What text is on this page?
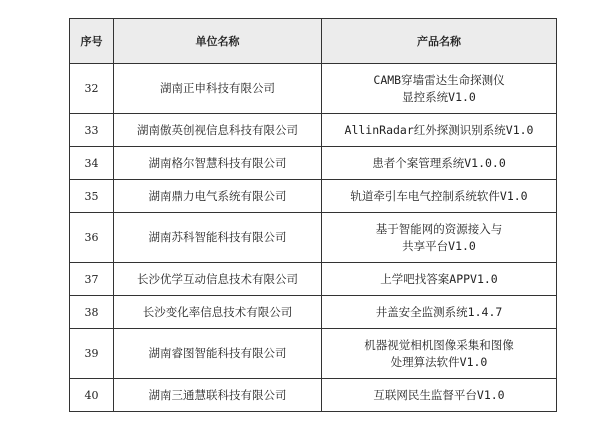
序号	单位名称	产品名称
32	湖南正申科技有限公司	CAMB穿墙雷达生命探测仪
显控系统V1.0

33	湖南傲英创视信息科技有限公司	AllinRadar红外探测识别系统V1.0

34	湖南格尔智慧科技有限公司	患者个案管理系统V1.0.0

35	湖南鼎力电气系统有限公司	轨道牵引车电气控制系统软件V1.0

36	湖南苏科智能科技有限公司	基于智能网的资源接入与
共享平台V1.0

37	长沙优学互动信息技术有限公司	上学吧找答案APPV1.0

38	长沙变化率信息技术有限公司	井盖安全监测系统1.4.7

39	湖南睿图智能科技有限公司	机器视觉相机图像采集和图像
处理算法软件V1.0

40	湖南三通慧联科技有限公司	互联网民生监督平台V1.0
